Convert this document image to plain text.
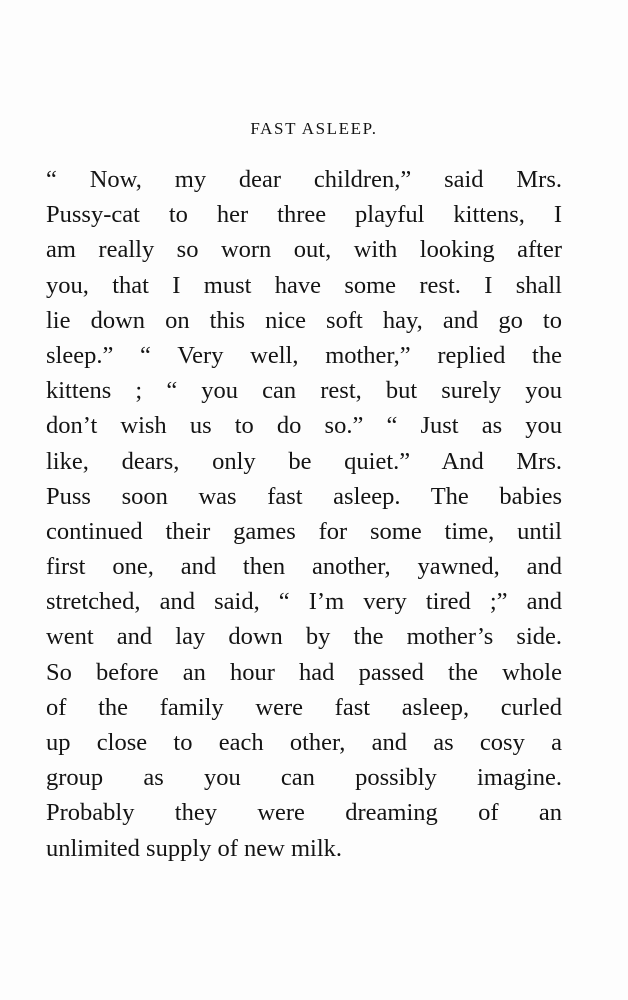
FAST ASLEEP.
“ Now, my dear children,” said Mrs.
Pussy-cat to her three playful kittens, I
am really so worn out, with looking after
you, that I must have some rest. I shall
lie down on this nice soft hay, and go to
sleep.” “ Very well, mother,” replied the
kittens ; “ you can rest, but surely you
don’t wish us to do so.” “ Just as you
like, dears, only be quiet.” And Mrs.
Puss soon was fast asleep. The babies
continued their games for some time, until
first one, and then another, yawned, and
stretched, and said, “ I’m very tired ;” and
went and lay down by the mother’s side.
So before an hour had passed the whole
of the family were fast asleep, curled
up close to each other, and as cosy a
group as you can possibly imagine.
Probably they were dreaming of an
unlimited supply of new milk.
